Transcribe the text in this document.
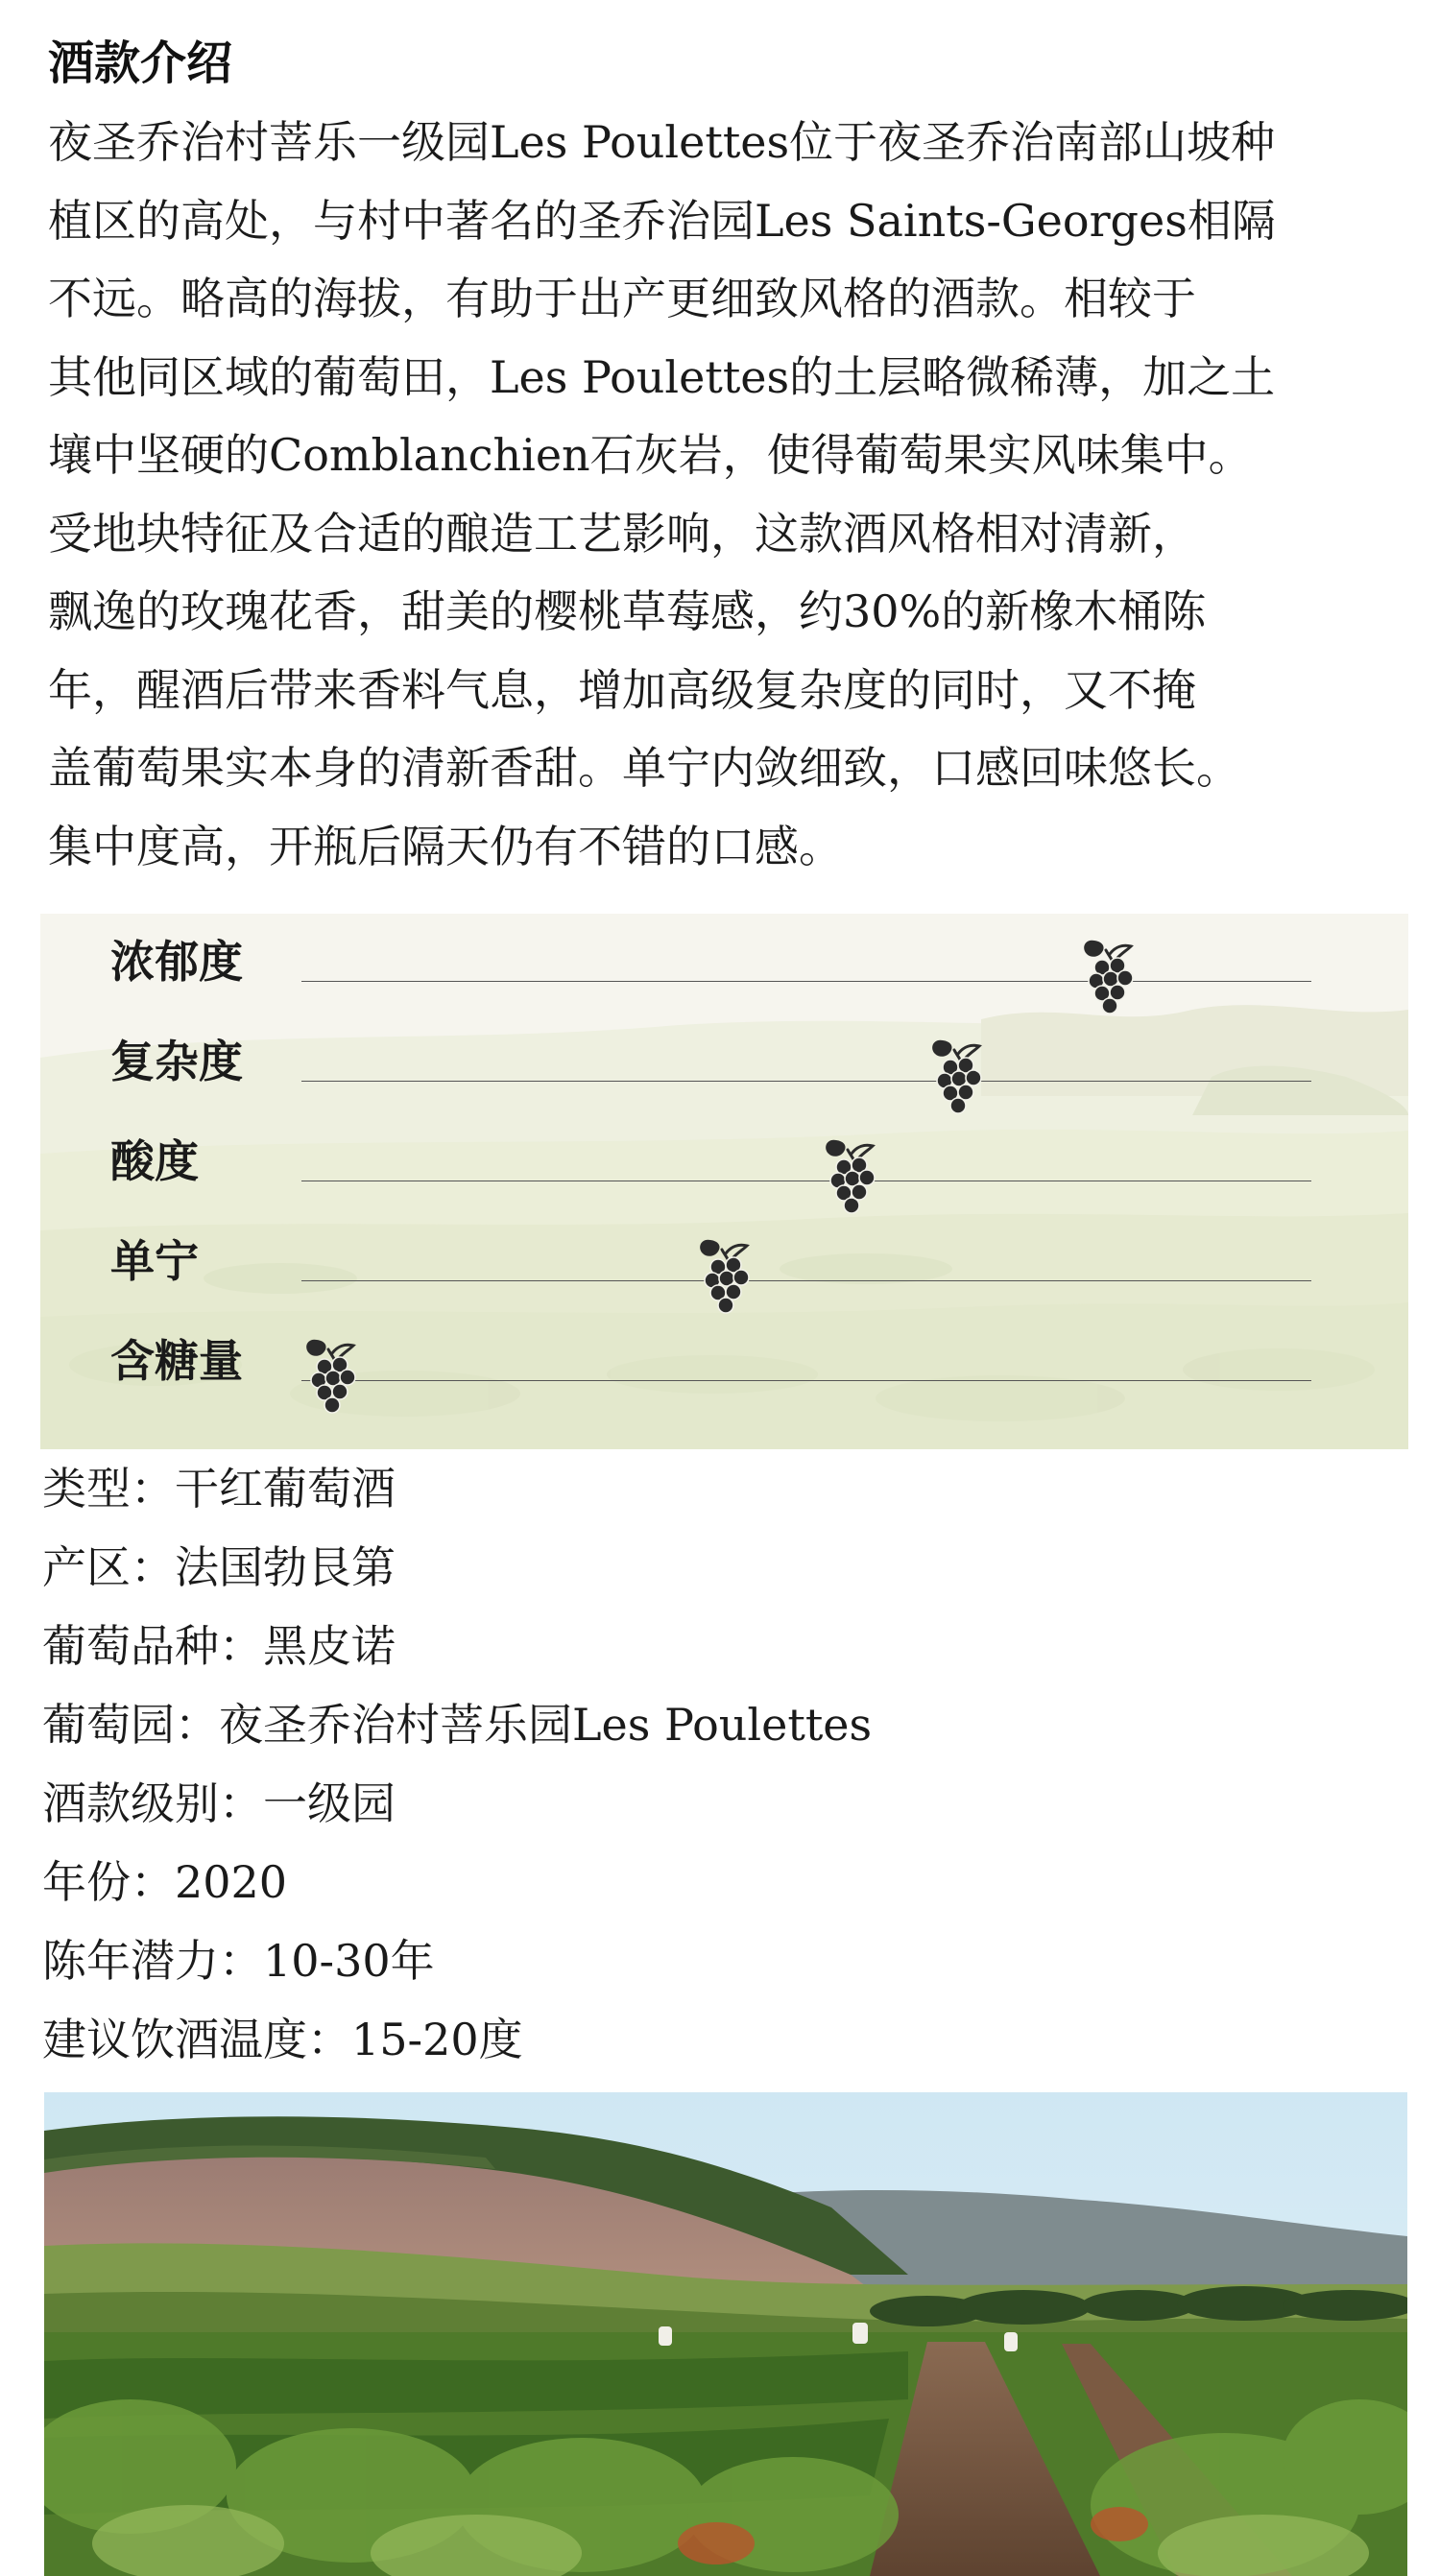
酒款介绍

夜圣乔治村菩乐一级园Les Poulettes位于夜圣乔治南部山坡种
植区的高处，与村中著名的圣乔治园Les Saints-Georges相隔
不远。略高的海拔，有助于出产更细致风格的酒款。相较于
其他同区域的葡萄田，Les Poulettes的土层略微稀薄，加之土
壤中坚硬的Comblanchien石灰岩，使得葡萄果实风味集中。
受地块特征及合适的酿造工艺影响，这款酒风格相对清新，
飘逸的玫瑰花香，甜美的樱桃草莓感，约30%的新橡木桶陈
年，醒酒后带来香料气息，增加高级复杂度的同时，又不掩
盖葡萄果实本身的清新香甜。单宁内敛细致，口感回味悠长。
集中度高，开瓶后隔天仍有不错的口感。

浓郁度
复杂度
酸度
单宁
含糖量
类型：干红葡萄酒
产区：法国勃艮第
葡萄品种：黑皮诺
葡萄园：夜圣乔治村菩乐园Les Poulettes
酒款级别：一级园
年份：2020
陈年潜力：10-30年
建议饮酒温度：15-20度
